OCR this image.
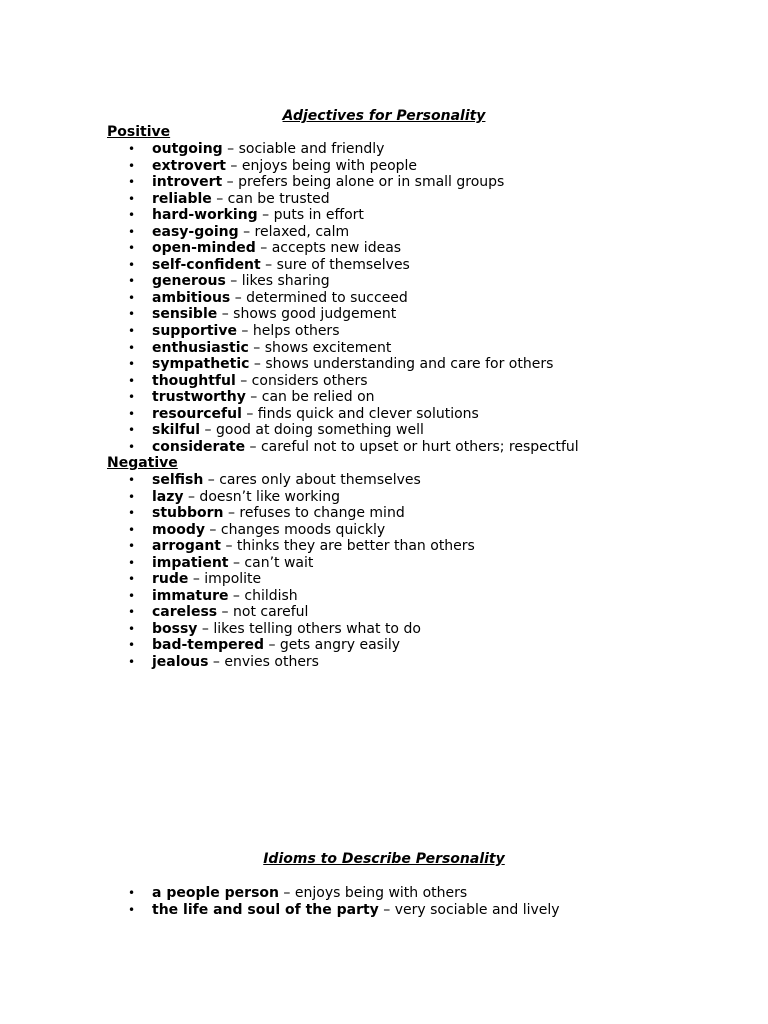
Adjectives for Personality
Positive
• outgoing – sociable and friendly
• extrovert – enjoys being with people
• introvert – prefers being alone or in small groups
• reliable – can be trusted
• hard-working – puts in effort
• easy-going – relaxed, calm
• open-minded – accepts new ideas
• self-confident – sure of themselves
• generous – likes sharing
• ambitious – determined to succeed
• sensible – shows good judgement
• supportive – helps others
• enthusiastic – shows excitement
• sympathetic – shows understanding and care for others
• thoughtful – considers others
• trustworthy – can be relied on
• resourceful – finds quick and clever solutions
• skilful – good at doing something well
• considerate – careful not to upset or hurt others; respectful
Negative
• selfish – cares only about themselves
• lazy – doesn’t like working
• stubborn – refuses to change mind
• moody – changes moods quickly
• arrogant – thinks they are better than others
• impatient – can’t wait
• rude – impolite
• immature – childish
• careless – not careful
• bossy – likes telling others what to do
• bad-tempered – gets angry easily
• jealous – envies others
Idioms to Describe Personality
• a people person – enjoys being with others
• the life and soul of the party – very sociable and lively
